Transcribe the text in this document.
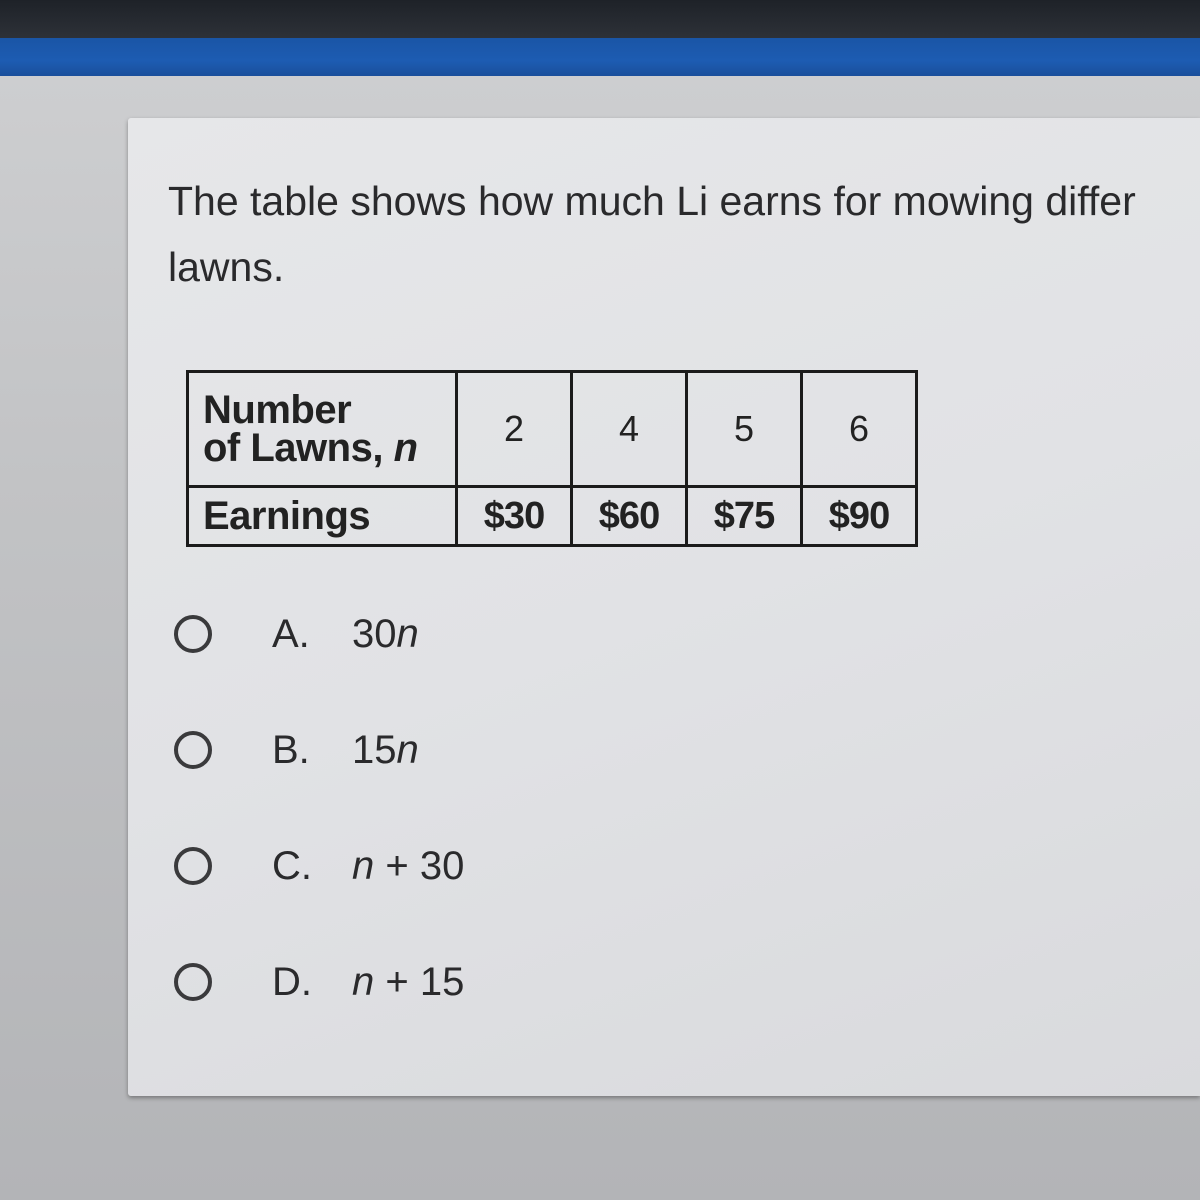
The table shows how much Li earns for mowing differ
lawns.
Number
of Lawns, n	2	4	5	6
Earnings	$30	$60	$75	$90
A.	30n
B.	15n
C.	n + 30
D.	n + 15
